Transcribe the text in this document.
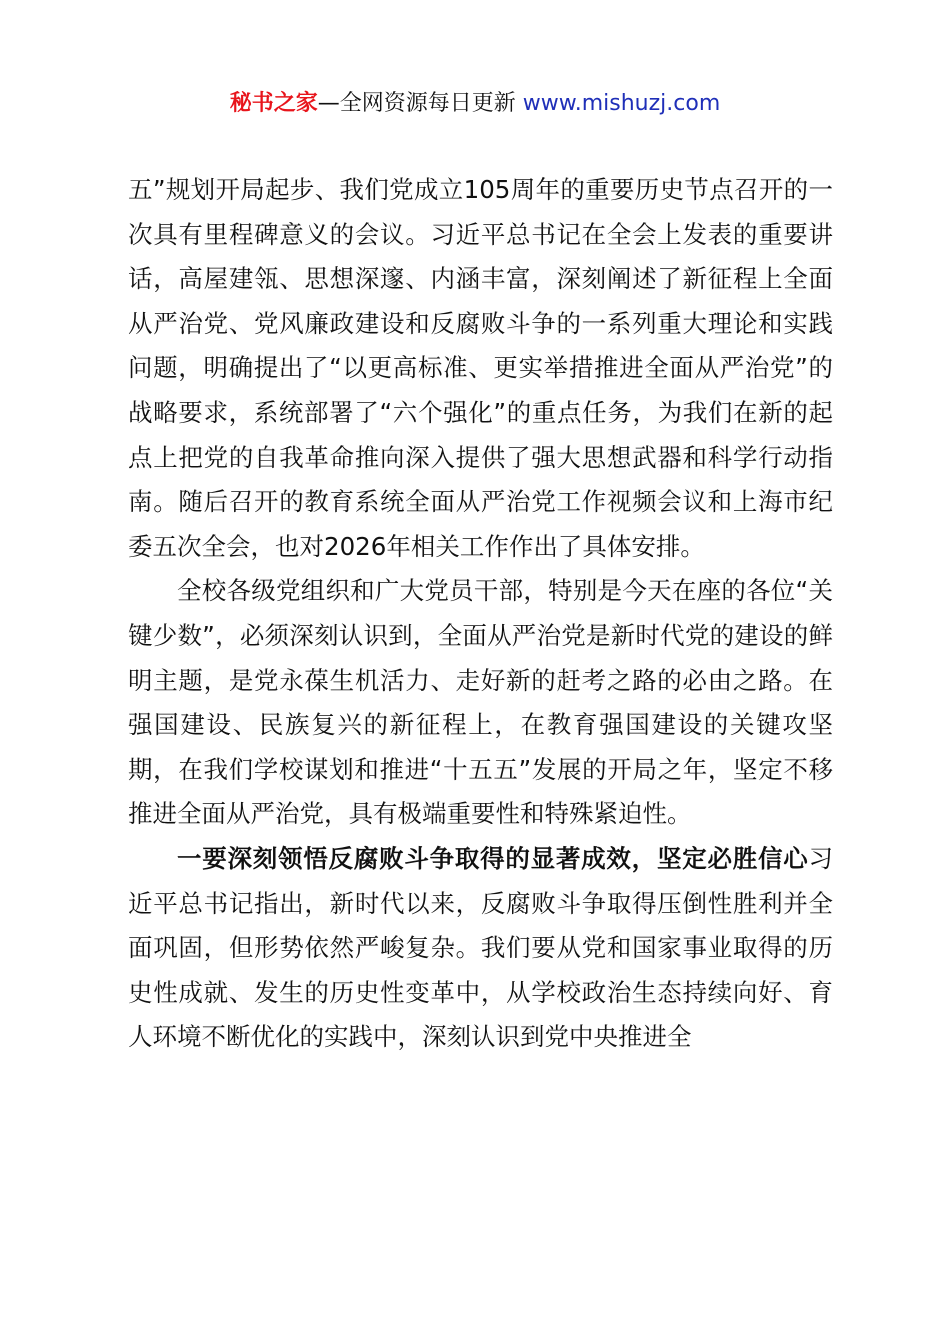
秘书之家—全网资源每日更新 www.mishuzj.com

五”规划开局起步、我们党成立105周年的重要历史节点召开的一次具有里程碑意义的会议。习近平总书记在全会上发表的重要讲话，高屋建瓴、思想深邃、内涵丰富，深刻阐述了新征程上全面从严治党、党风廉政建设和反腐败斗争的一系列重大理论和实践问题，明确提出了“以更高标准、更实举措推进全面从严治党”的战略要求，系统部署了“六个强化”的重点任务，为我们在新的起点上把党的自我革命推向深入提供了强大思想武器和科学行动指南。随后召开的教育系统全面从严治党工作视频会议和上海市纪委五次全会，也对2026年相关工作作出了具体安排。

全校各级党组织和广大党员干部，特别是今天在座的各位“关键少数”，必须深刻认识到，全面从严治党是新时代党的建设的鲜明主题，是党永葆生机活力、走好新的赶考之路的必由之路。在强国建设、民族复兴的新征程上，在教育强国建设的关键攻坚期，在我们学校谋划和推进“十五五”发展的开局之年，坚定不移推进全面从严治党，具有极端重要性和特殊紧迫性。

一要深刻领悟反腐败斗争取得的显著成效，坚定必胜信心习近平总书记指出，新时代以来，反腐败斗争取得压倒性胜利并全面巩固，但形势依然严峻复杂。我们要从党和国家事业取得的历史性成就、发生的历史性变革中，从学校政治生态持续向好、育人环境不断优化的实践中，深刻认识到党中央推进全
